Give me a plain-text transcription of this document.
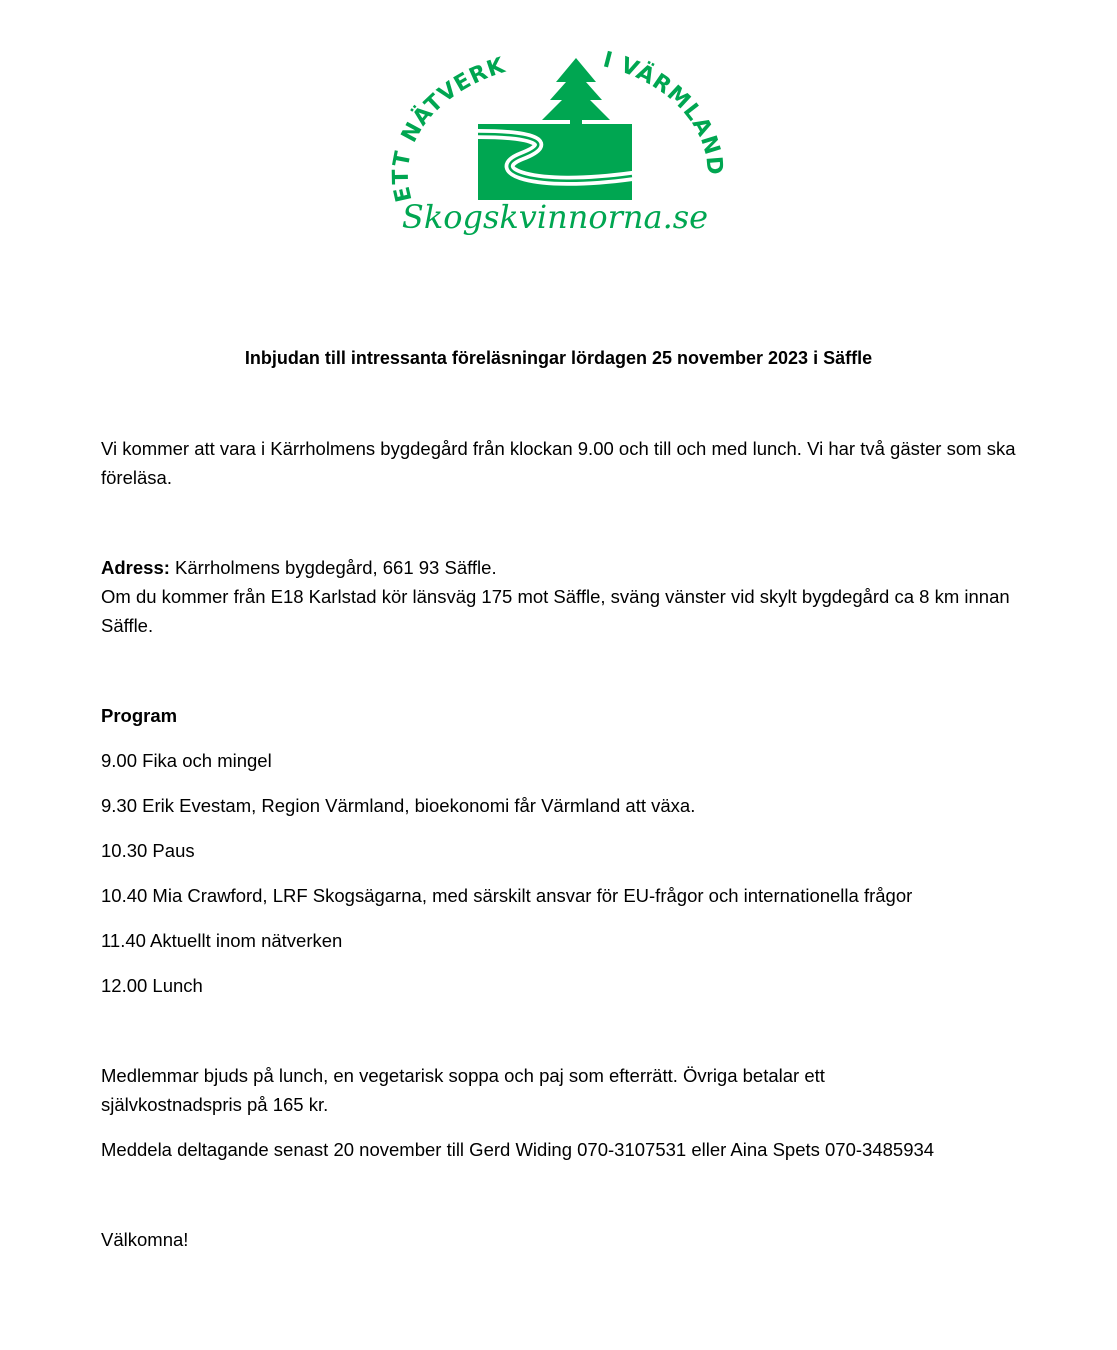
ETT NÄTVERK	I VÄRMLAND
Skogskvinnorna.se
Inbjudan till intressanta föreläsningar lördagen 25 november 2023 i Säffle

Vi kommer att vara i Kärrholmens bygdegård från klockan 9.00 och till och med lunch. Vi har två gäster som ska föreläsa.

Adress: Kärrholmens bygdegård, 661 93 Säffle.

Om du kommer från E18 Karlstad kör länsväg 175 mot Säffle, sväng vänster vid skylt bygdegård ca 8 km innan Säffle.

Program

9.00 Fika och mingel

9.30 Erik Evestam, Region Värmland, bioekonomi får Värmland att växa.

10.30 Paus

10.40 Mia Crawford, LRF Skogsägarna, med särskilt ansvar för EU-frågor och internationella frågor

11.40 Aktuellt inom nätverken

12.00 Lunch

Medlemmar bjuds på lunch, en vegetarisk soppa och paj som efterrätt. Övriga betalar ett självkostnadspris på 165 kr.

Meddela deltagande senast 20 november till Gerd Widing 070-3107531 eller Aina Spets 070-3485934

Välkomna!
